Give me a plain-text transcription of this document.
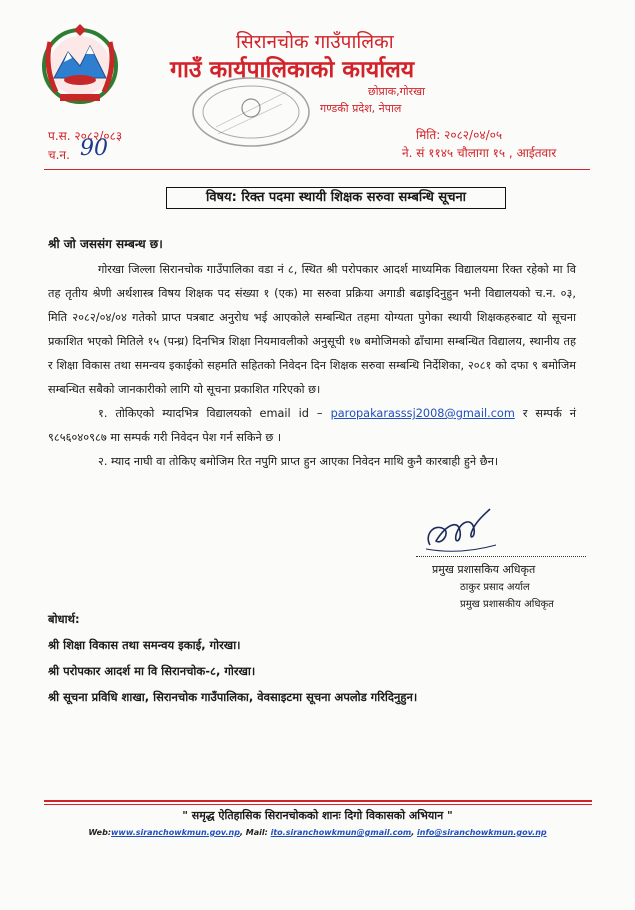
सिरानचोक गाउँपालिका
गाउँ कार्यपालिकाको कार्यालय
छोप्राक,गोरखा
गण्डकी प्रदेश, नेपाल
प.स. २०८२/०८३
च.न. 90
मिति: २०८२/०४/०५
ने. सं ११४५ चौलागा १५ , आईतवार
विषय: रिक्त पदमा स्थायी शिक्षक सरुवा सम्बन्धि सूचना
श्री जो जससंग सम्बन्ध छ।

गोरखा जिल्ला सिरानचोक गाउँपालिका वडा नं ८, स्थित श्री परोपकार आदर्श माध्यमिक विद्यालयमा रिक्त रहेको मा वि तह तृतीय श्रेणी अर्थशास्त्र विषय शिक्षक पद संख्या १ (एक) मा सरुवा प्रक्रिया अगाडी बढाइदिनुहुन भनी विद्यालयको च.न. ०३, मिति २०८२/०४/०४ गतेको प्राप्त पत्रबाट अनुरोध भई आएकोले सम्बन्धित तहमा योग्यता पुगेका स्थायी शिक्षकहरुबाट यो सूचना प्रकाशित भएको मितिले १५ (पन्ध्र) दिनभित्र शिक्षा नियमावलीको अनुसूची १७ बमोजिमको ढाँचामा सम्बन्धित विद्यालय, स्थानीय तह र शिक्षा विकास तथा समन्वय इकाईको सहमति सहितको निवेदन दिन शिक्षक सरुवा सम्बन्धि निर्देशिका, २०८१ को दफा ९ बमोजिम सम्बन्धित सबैको जानकारीको लागि यो सूचना प्रकाशित गरिएको छ।

१. तोकिएको म्यादभित्र विद्यालयको email id – paropakarasssj2008@gmail.com र सम्पर्क नं ९८५६०४०९८७ मा सम्पर्क गरी निवेदन पेश गर्न सकिने छ ।

२. म्याद नाघी वा तोकिए बमोजिम रित नपुगि प्राप्त हुन आएका निवेदन माथि कुनै कारबाही हुने छैन।

प्रमुख प्रशासकिय अधिकृत
ठाकुर प्रसाद अर्याल
प्रमुख प्रशासकीय अधिकृत
बोधार्थ:
श्री शिक्षा विकास तथा समन्वय इकाई, गोरखा।
श्री परोपकार आदर्श मा वि सिरानचोक-८, गोरखा।
श्री सूचना प्रविधि शाखा, सिरानचोक गाउँपालिका, वेवसाइटमा सूचना अपलोड गरिदिनुहुन।
" समृद्ध ऐतिहासिक सिरानचोकको शानः दिगो विकासको अभियान "
Web:www.siranchowkmun.gov.np, Mail: ito.siranchowkmun@gmail.com, info@siranchowkmun.gov.np
